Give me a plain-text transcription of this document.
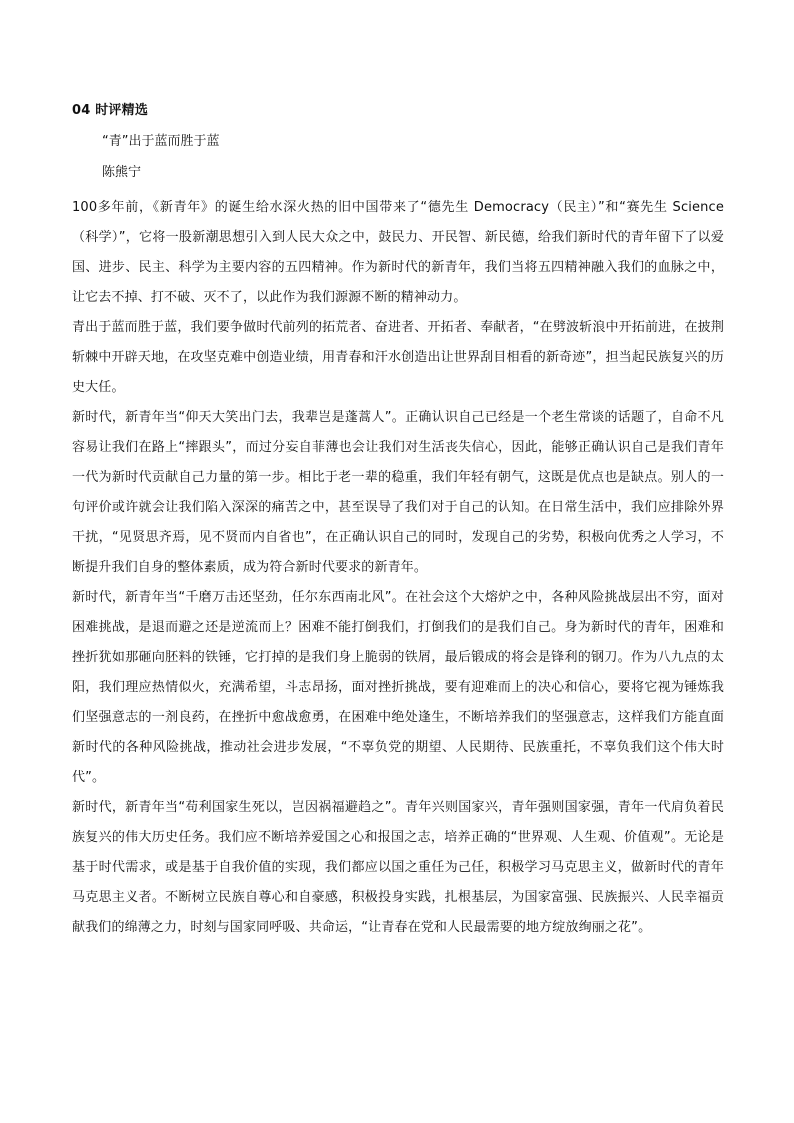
04 时评精选
“青”出于蓝而胜于蓝
陈熊宁

100多年前，《新青年》的诞生给水深火热的旧中国带来了“德先生 Democracy（民主）”和“赛先生 Science（科学）”，它将一股新潮思想引入到人民大众之中，鼓民力、开民智、新民德，给我们新时代的青年留下了以爱国、进步、民主、科学为主要内容的五四精神。作为新时代的新青年，我们当将五四精神融入我们的血脉之中，让它去不掉、打不破、灭不了，以此作为我们源源不断的精神动力。

青出于蓝而胜于蓝，我们要争做时代前列的拓荒者、奋进者、开拓者、奉献者，“在劈波斩浪中开拓前进，在披荆斩棘中开辟天地，在攻坚克难中创造业绩，用青春和汗水创造出让世界刮目相看的新奇迹”，担当起民族复兴的历史大任。

新时代，新青年当“仰天大笑出门去，我辈岂是蓬蒿人”。正确认识自己已经是一个老生常谈的话题了，自命不凡容易让我们在路上“摔跟头”，而过分妄自菲薄也会让我们对生活丧失信心，因此，能够正确认识自己是我们青年一代为新时代贡献自己力量的第一步。相比于老一辈的稳重，我们年轻有朝气，这既是优点也是缺点。别人的一句评价或许就会让我们陷入深深的痛苦之中，甚至误导了我们对于自己的认知。在日常生活中，我们应排除外界干扰，“见贤思齐焉，见不贤而内自省也”，在正确认识自己的同时，发现自己的劣势，积极向优秀之人学习，不断提升我们自身的整体素质，成为符合新时代要求的新青年。

新时代，新青年当“千磨万击还坚劲，任尔东西南北风”。在社会这个大熔炉之中，各种风险挑战层出不穷，面对困难挑战，是退而避之还是逆流而上？困难不能打倒我们，打倒我们的是我们自己。身为新时代的青年，困难和挫折犹如那砸向胚料的铁锤，它打掉的是我们身上脆弱的铁屑，最后锻成的将会是锋利的钢刀。作为八九点的太阳，我们理应热情似火，充满希望，斗志昂扬，面对挫折挑战，要有迎难而上的决心和信心，要将它视为锤炼我们坚强意志的一剂良药，在挫折中愈战愈勇，在困难中绝处逢生，不断培养我们的坚强意志，这样我们方能直面新时代的各种风险挑战，推动社会进步发展，“不辜负党的期望、人民期待、民族重托，不辜负我们这个伟大时代”。

新时代，新青年当“苟利国家生死以，岂因祸福避趋之”。青年兴则国家兴，青年强则国家强，青年一代肩负着民族复兴的伟大历史任务。我们应不断培养爱国之心和报国之志，培养正确的“世界观、人生观、价值观”。无论是基于时代需求，或是基于自我价值的实现，我们都应以国之重任为己任，积极学习马克思主义，做新时代的青年马克思主义者。不断树立民族自尊心和自豪感，积极投身实践，扎根基层，为国家富强、民族振兴、人民幸福贡献我们的绵薄之力，时刻与国家同呼吸、共命运，“让青春在党和人民最需要的地方绽放绚丽之花”。
